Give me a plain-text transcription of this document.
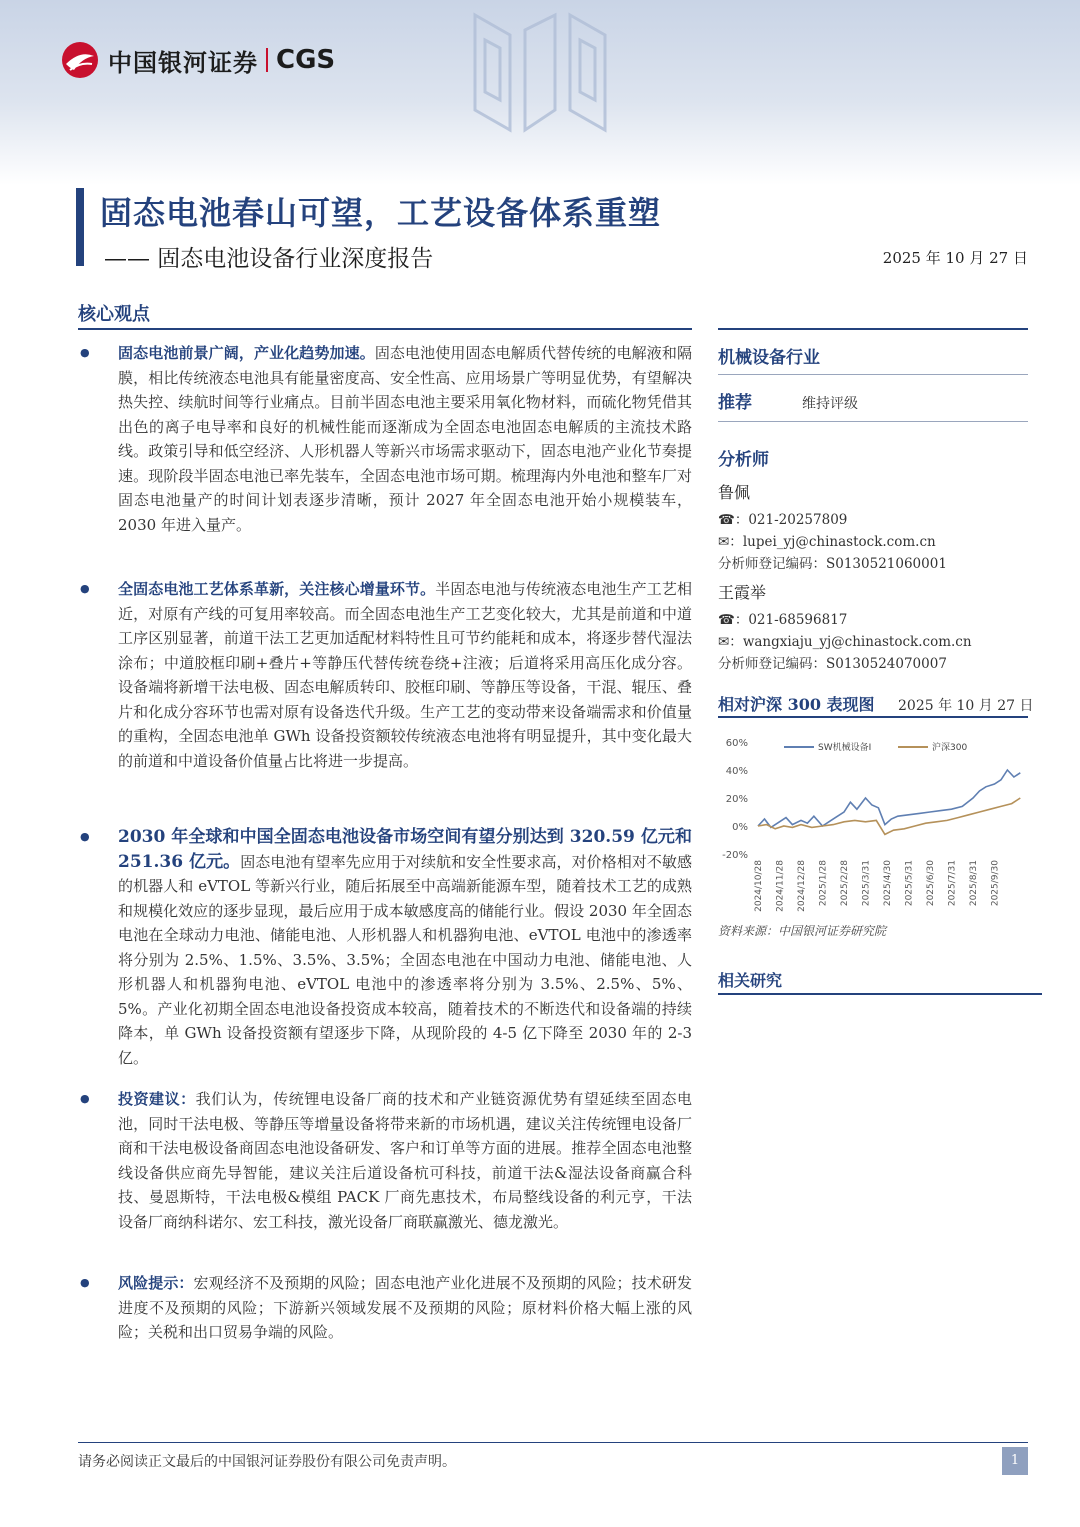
中国银河证券 CGS
固态电池春山可望，工艺设备体系重塑
—— 固态电池设备行业深度报告	2025 年 10 月 27 日
核心观点
● 固态电池前景广阔，产业化趋势加速。固态电池使用固态电解质代替传统的电解液和隔膜，相比传统液态电池具有能量密度高、安全性高、应用场景广等明显优势，有望解决热失控、续航时间等行业痛点。目前半固态电池主要采用氧化物材料，而硫化物凭借其出色的离子电导率和良好的机械性能而逐渐成为全固态电池固态电解质的主流技术路线。政策引导和低空经济、人形机器人等新兴市场需求驱动下，固态电池产业化节奏提速。现阶段半固态电池已率先装车，全固态电池市场可期。梳理海内外电池和整车厂对固态电池量产的时间计划表逐步清晰，预计 2027 年全固态电池开始小规模装车，2030 年进入量产。
● 全固态电池工艺体系革新，关注核心增量环节。半固态电池与传统液态电池生产工艺相近，对原有产线的可复用率较高。而全固态电池生产工艺变化较大，尤其是前道和中道工序区别显著，前道干法工艺更加适配材料特性且可节约能耗和成本，将逐步替代湿法涂布；中道胶框印刷+叠片+等静压代替传统卷绕+注液；后道将采用高压化成分容。设备端将新增干法电极、固态电解质转印、胶框印刷、等静压等设备，干混、辊压、叠片和化成分容环节也需对原有设备迭代升级。生产工艺的变动带来设备端需求和价值量的重构，全固态电池单 GWh 设备投资额较传统液态电池将有明显提升，其中变化最大的前道和中道设备价值量占比将进一步提高。
● 2030 年全球和中国全固态电池设备市场空间有望分别达到 320.59 亿元和 251.36 亿元。固态电池有望率先应用于对续航和安全性要求高，对价格相对不敏感的机器人和 eVTOL 等新兴行业，随后拓展至中高端新能源车型，随着技术工艺的成熟和规模化效应的逐步显现，最后应用于成本敏感度高的储能行业。假设 2030 年全固态电池在全球动力电池、储能电池、人形机器人和机器狗电池、eVTOL 电池中的渗透率将分别为 2.5%、1.5%、3.5%、3.5%；全固态电池在中国动力电池、储能电池、人形机器人和机器狗电池、eVTOL 电池中的渗透率将分别为 3.5%、2.5%、5%、5%。产业化初期全固态电池设备投资成本较高，随着技术的不断迭代和设备端的持续降本，单 GWh 设备投资额有望逐步下降，从现阶段的 4-5 亿下降至 2030 年的 2-3 亿。
● 投资建议：我们认为，传统锂电设备厂商的技术和产业链资源优势有望延续至固态电池，同时干法电极、等静压等增量设备将带来新的市场机遇，建议关注传统锂电设备厂商和干法电极设备商固态电池设备研发、客户和订单等方面的进展。推荐全固态电池整线设备供应商先导智能，建议关注后道设备杭可科技，前道干法&湿法设备商赢合科技、曼恩斯特，干法电极&模组 PACK 厂商先惠技术，布局整线设备的利元亨，干法设备厂商纳科诺尔、宏工科技，激光设备厂商联赢激光、德龙激光。
● 风险提示：宏观经济不及预期的风险；固态电池产业化进展不及预期的风险；技术研发进度不及预期的风险；下游新兴领域发展不及预期的风险；原材料价格大幅上涨的风险；关税和出口贸易争端的风险。
机械设备行业
推荐	维持评级
分析师
鲁佩
☎：021-20257809
✉：lupei_yj@chinastock.com.cn
分析师登记编码：S0130521060001
王霞举
☎：021-68596817
✉：wangxiaju_yj@chinastock.com.cn
分析师登记编码：S0130524070007
相对沪深 300 表现图	2025 年 10 月 27 日
60%
40%
20%
0%
-20%
2024/10/28 2024/11/28 2024/12/28 2025/1/28 2025/2/28 2025/3/31 2025/4/30 2025/5/31 2025/6/30 2025/7/31 2025/8/31 2025/9/30
SW机械设备Ⅰ	沪深300
资料来源：中国银河证券研究院
相关研究
请务必阅读正文最后的中国银河证券股份有限公司免责声明。	1
